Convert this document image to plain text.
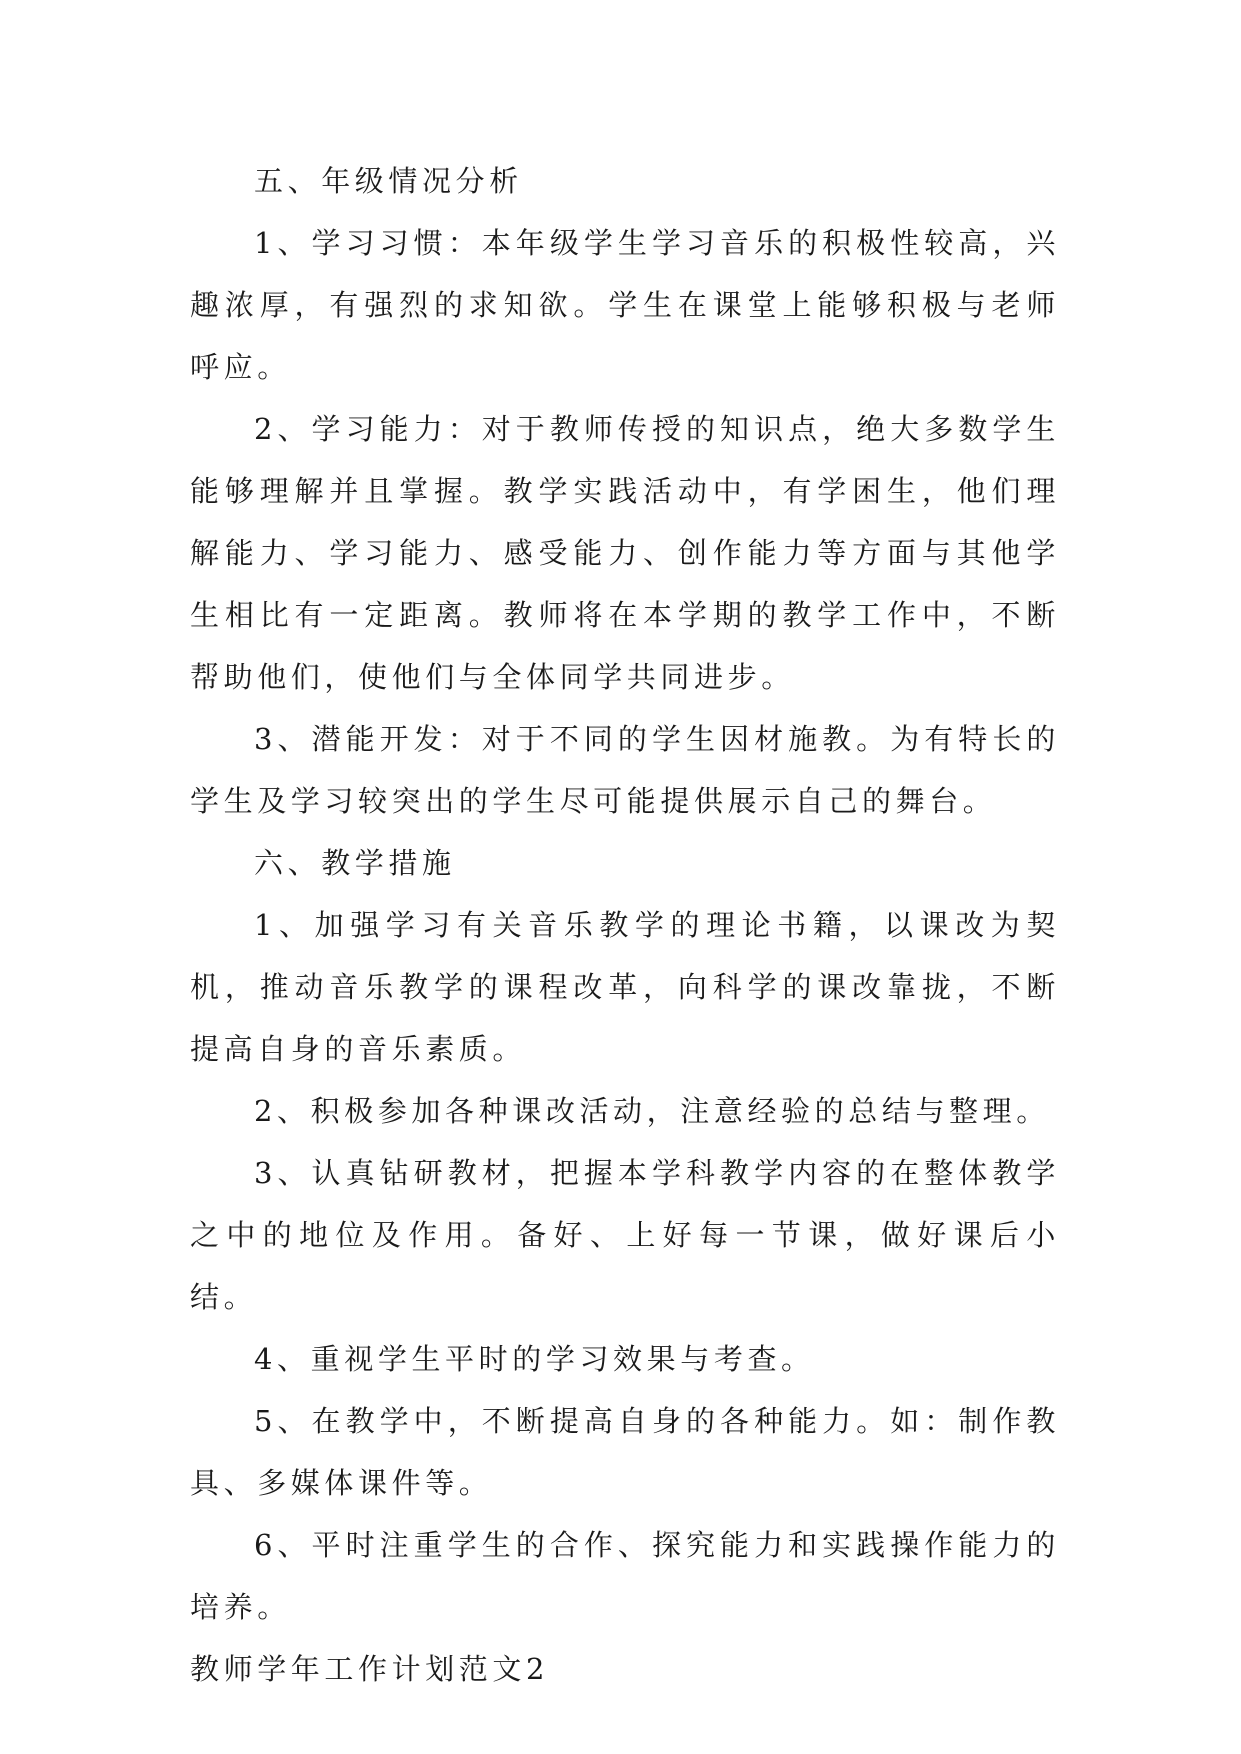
五、年级情况分析

1、学习习惯：本年级学生学习音乐的积极性较高，兴趣浓厚，有强烈的求知欲。学生在课堂上能够积极与老师呼应。

2、学习能力：对于教师传授的知识点，绝大多数学生能够理解并且掌握。教学实践活动中，有学困生，他们理解能力、学习能力、感受能力、创作能力等方面与其他学生相比有一定距离。教师将在本学期的教学工作中，不断帮助他们，使他们与全体同学共同进步。

3、潜能开发：对于不同的学生因材施教。为有特长的学生及学习较突出的学生尽可能提供展示自己的舞台。

六、教学措施

1、加强学习有关音乐教学的理论书籍，以课改为契机，推动音乐教学的课程改革，向科学的课改靠拢，不断提高自身的音乐素质。

2、积极参加各种课改活动，注意经验的总结与整理。

3、认真钻研教材，把握本学科教学内容的在整体教学之中的地位及作用。备好、上好每一节课，做好课后小结。

4、重视学生平时的学习效果与考查。

5、在教学中，不断提高自身的各种能力。如：制作教具、多媒体课件等。

6、平时注重学生的合作、探究能力和实践操作能力的培养。

教师学年工作计划范文2
